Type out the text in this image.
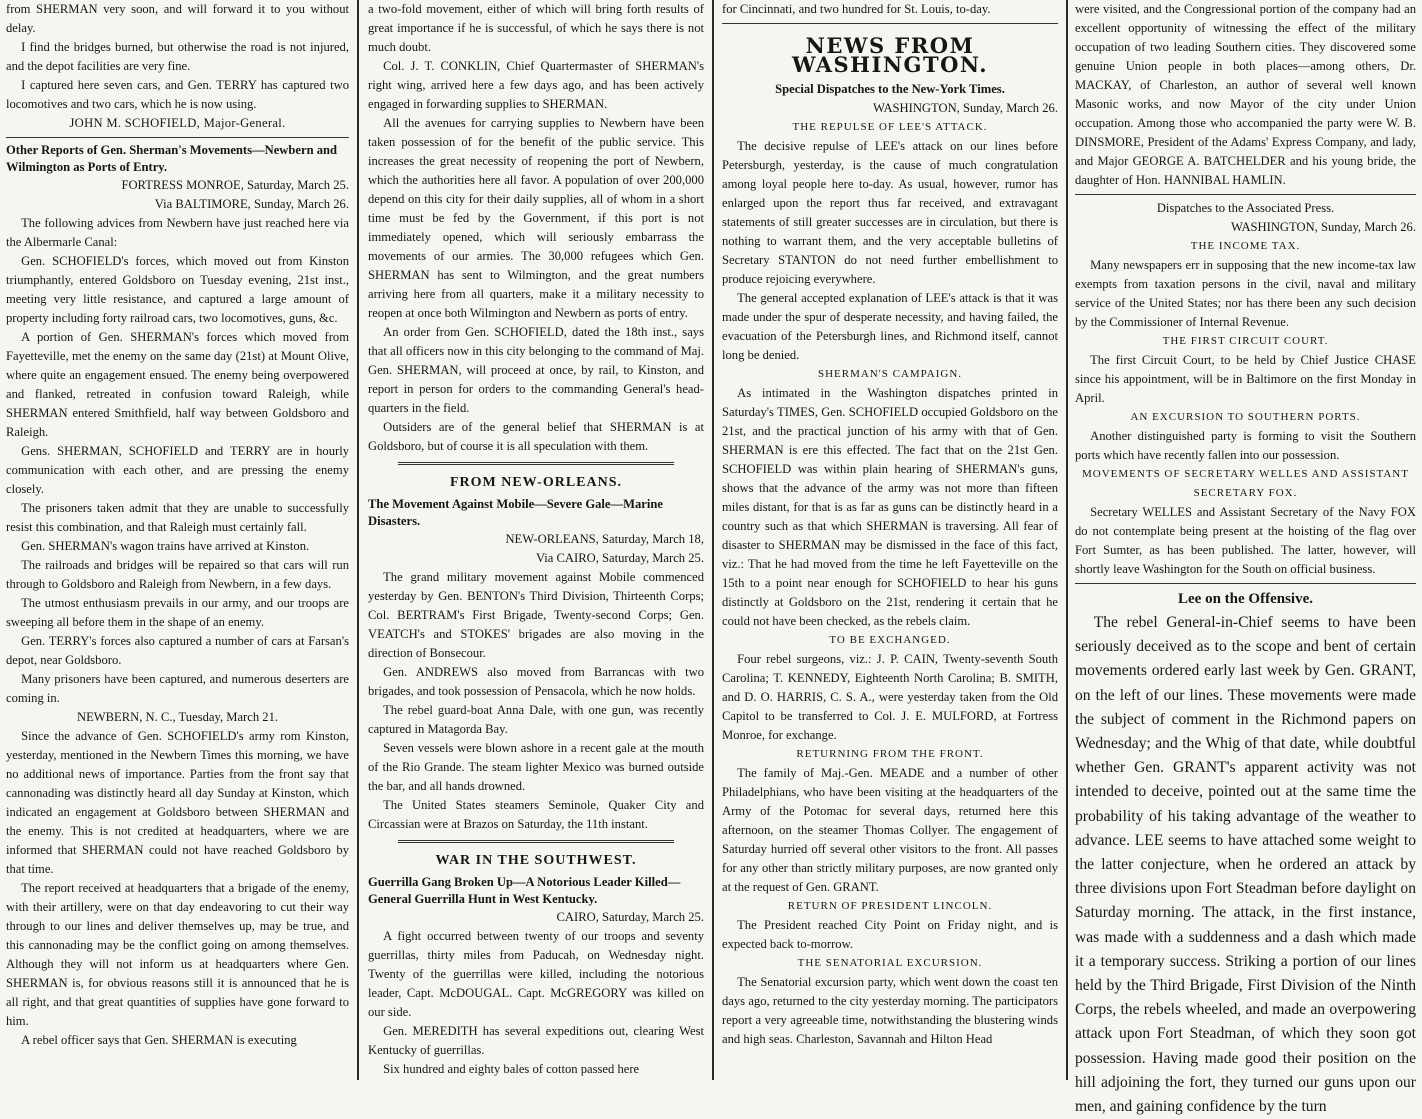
from SHERMAN very soon, and will forward it to you without delay.

I find the bridges burned, but otherwise the road is not injured, and the depot facilities are very fine.

I captured here seven cars, and Gen. TERRY has captured two locomotives and two cars, which he is now using.

JOHN M. SCHOFIELD, Major-General.

Other Reports of Gen. Sherman's Movements—Newbern and Wilmington as Ports of Entry.

FORTRESS MONROE, Saturday, March 25.

Via BALTIMORE, Sunday, March 26.

The following advices from Newbern have just reached here via the Albermarle Canal:

Gen. SCHOFIELD's forces, which moved out from Kinston triumphantly, entered Goldsboro on Tuesday evening, 21st inst., meeting very little resistance, and captured a large amount of property including forty railroad cars, two locomotives, guns, &c.

A portion of Gen. SHERMAN's forces which moved from Fayetteville, met the enemy on the same day (21st) at Mount Olive, where quite an engagement ensued. The enemy being overpowered and flanked, retreated in confusion toward Raleigh, while SHERMAN entered Smithfield, half way between Goldsboro and Raleigh.

Gens. SHERMAN, SCHOFIELD and TERRY are in hourly communication with each other, and are pressing the enemy closely.

The prisoners taken admit that they are unable to successfully resist this combination, and that Raleigh must certainly fall.

Gen. SHERMAN's wagon trains have arrived at Kinston.

The railroads and bridges will be repaired so that cars will run through to Goldsboro and Raleigh from Newbern, in a few days.

The utmost enthusiasm prevails in our army, and our troops are sweeping all before them in the shape of an enemy.

Gen. TERRY's forces also captured a number of cars at Farsan's depot, near Goldsboro.

Many prisoners have been captured, and numerous deserters are coming in.

NEWBERN, N. C., Tuesday, March 21.

Since the advance of Gen. SCHOFIELD's army rom Kinston, yesterday, mentioned in the Newbern Times this morning, we have no additional news of importance. Parties from the front say that cannonading was distinctly heard all day Sunday at Kinston, which indicated an engagement at Goldsboro between SHERMAN and the enemy. This is not credited at headquarters, where we are informed that SHERMAN could not have reached Goldsboro by that time.

The report received at headquarters that a brigade of the enemy, with their artillery, were on that day endeavoring to cut their way through to our lines and deliver themselves up, may be true, and this cannonading may be the conflict going on among themselves. Although they will not inform us at headquarters where Gen. SHERMAN is, for obvious reasons still it is announced that he is all right, and that great quantities of supplies have gone forward to him.

A rebel officer says that Gen. SHERMAN is executing

a two-fold movement, either of which will bring forth results of great importance if he is successful, of which he says there is not much doubt.

Col. J. T. CONKLIN, Chief Quartermaster of SHERMAN's right wing, arrived here a few days ago, and has been actively engaged in forwarding supplies to SHERMAN.

All the avenues for carrying supplies to Newbern have been taken possession of for the benefit of the public service. This increases the great necessity of reopening the port of Newbern, which the authorities here all favor. A population of over 200,000 depend on this city for their daily supplies, all of whom in a short time must be fed by the Government, if this port is not immediately opened, which will seriously embarrass the movements of our armies. The 30,000 refugees which Gen. SHERMAN has sent to Wilmington, and the great numbers arriving here from all quarters, make it a military necessity to reopen at once both Wilmington and Newbern as ports of entry.

An order from Gen. SCHOFIELD, dated the 18th inst., says that all officers now in this city belonging to the command of Maj. Gen. SHERMAN, will proceed at once, by rail, to Kinston, and report in person for orders to the commanding General's head-quarters in the field.

Outsiders are of the general belief that SHERMAN is at Goldsboro, but of course it is all speculation with them.

FROM NEW-ORLEANS.

The Movement Against Mobile—Severe Gale—Marine Disasters.

NEW-ORLEANS, Saturday, March 18,

Via CAIRO, Saturday, March 25.

The grand military movement against Mobile commenced yesterday by Gen. BENTON's Third Division, Thirteenth Corps; Col. BERTRAM's First Brigade, Twenty-second Corps; Gen. VEATCH's and STOKES' brigades are also moving in the direction of Bonsecour.

Gen. ANDREWS also moved from Barrancas with two brigades, and took possession of Pensacola, which he now holds.

The rebel guard-boat Anna Dale, with one gun, was recently captured in Matagorda Bay.

Seven vessels were blown ashore in a recent gale at the mouth of the Rio Grande. The steam lighter Mexico was burned outside the bar, and all hands drowned.

The United States steamers Seminole, Quaker City and Circassian were at Brazos on Saturday, the 11th instant.

WAR IN THE SOUTHWEST.

Guerrilla Gang Broken Up—A Notorious Leader Killed—General Guerrilla Hunt in West Kentucky.

CAIRO, Saturday, March 25.

A fight occurred between twenty of our troops and seventy guerrillas, thirty miles from Paducah, on Wednesday night. Twenty of the guerrillas were killed, including the notorious leader, Capt. McDOUGAL. Capt. McGREGORY was killed on our side.

Gen. MEREDITH has several expeditions out, clearing West Kentucky of guerrillas.

Six hundred and eighty bales of cotton passed here

for Cincinnati, and two hundred for St. Louis, to-day.

NEWS FROM WASHINGTON.

Special Dispatches to the New-York Times.

WASHINGTON, Sunday, March 26.

THE REPULSE OF LEE'S ATTACK.

The decisive repulse of LEE's attack on our lines before Petersburgh, yesterday, is the cause of much congratulation among loyal people here to-day. As usual, however, rumor has enlarged upon the report thus far received, and extravagant statements of still greater successes are in circulation, but there is nothing to warrant them, and the very acceptable bulletins of Secretary STANTON do not need further embellishment to produce rejoicing everywhere.

The general accepted explanation of LEE's attack is that it was made under the spur of desperate necessity, and having failed, the evacuation of the Petersburgh lines, and Richmond itself, cannot long be denied.

SHERMAN'S CAMPAIGN.

As intimated in the Washington dispatches printed in Saturday's TIMES, Gen. SCHOFIELD occupied Goldsboro on the 21st, and the practical junction of his army with that of Gen. SHERMAN is ere this effected. The fact that on the 21st Gen. SCHOFIELD was within plain hearing of SHERMAN's guns, shows that the advance of the army was not more than fifteen miles distant, for that is as far as guns can be distinctly heard in a country such as that which SHERMAN is traversing. All fear of disaster to SHERMAN may be dismissed in the face of this fact, viz.: That he had moved from the time he left Fayetteville on the 15th to a point near enough for SCHOFIELD to hear his guns distinctly at Goldsboro on the 21st, rendering it certain that he could not have been checked, as the rebels claim.

TO BE EXCHANGED.

Four rebel surgeons, viz.: J. P. CAIN, Twenty-seventh South Carolina; T. KENNEDY, Eighteenth North Carolina; B. SMITH, and D. O. HARRIS, C. S. A., were yesterday taken from the Old Capitol to be transferred to Col. J. E. MULFORD, at Fortress Monroe, for exchange.

RETURNING FROM THE FRONT.

The family of Maj.-Gen. MEADE and a number of other Philadelphians, who have been visiting at the headquarters of the Army of the Potomac for several days, returned here this afternoon, on the steamer Thomas Collyer. The engagement of Saturday hurried off several other visitors to the front. All passes for any other than strictly military purposes, are now granted only at the request of Gen. GRANT.

RETURN OF PRESIDENT LINCOLN.

The President reached City Point on Friday night, and is expected back to-morrow.

THE SENATORIAL EXCURSION.

The Senatorial excursion party, which went down the coast ten days ago, returned to the city yesterday morning. The participators report a very agreeable time, notwithstanding the blustering winds and high seas. Charleston, Savannah and Hilton Head

were visited, and the Congressional portion of the company had an excellent opportunity of witnessing the effect of the military occupation of two leading Southern cities. They discovered some genuine Union people in both places—among others, Dr. MACKAY, of Charleston, an author of several well known Masonic works, and now Mayor of the city under Union occupation. Among those who accompanied the party were W. B. DINSMORE, President of the Adams' Express Company, and lady, and Major GEORGE A. BATCHELDER and his young bride, the daughter of Hon. HANNIBAL HAMLIN.

Dispatches to the Associated Press.

WASHINGTON, Sunday, March 26.

THE INCOME TAX.

Many newspapers err in supposing that the new income-tax law exempts from taxation persons in the civil, naval and military service of the United States; nor has there been any such decision by the Commissioner of Internal Revenue.

THE FIRST CIRCUIT COURT.

The first Circuit Court, to be held by Chief Justice CHASE since his appointment, will be in Baltimore on the first Monday in April.

AN EXCURSION TO SOUTHERN PORTS.

Another distinguished party is forming to visit the Southern ports which have recently fallen into our possession.

MOVEMENTS OF SECRETARY WELLES AND ASSISTANT SECRETARY FOX.

Secretary WELLES and Assistant Secretary of the Navy FOX do not contemplate being present at the hoisting of the flag over Fort Sumter, as has been published. The latter, however, will shortly leave Washington for the South on official business.

Lee on the Offensive.

The rebel General-in-Chief seems to have been seriously deceived as to the scope and bent of certain movements ordered early last week by Gen. GRANT, on the left of our lines. These movements were made the subject of comment in the Richmond papers on Wednesday; and the Whig of that date, while doubtful whether Gen. GRANT's apparent activity was not intended to deceive, pointed out at the same time the probability of his taking advantage of the weather to advance. LEE seems to have attached some weight to the latter conjecture, when he ordered an attack by three divisions upon Fort Steadman before daylight on Saturday morning. The attack, in the first instance, was made with a suddenness and a dash which made it a temporary success. Striking a portion of our lines held by the Third Brigade, First Division of the Ninth Corps, the rebels wheeled, and made an overpowering attack upon Fort Steadman, of which they soon got possession. Having made good their position on the hill adjoining the fort, they turned our guns upon our men, and gaining confidence by the turn
